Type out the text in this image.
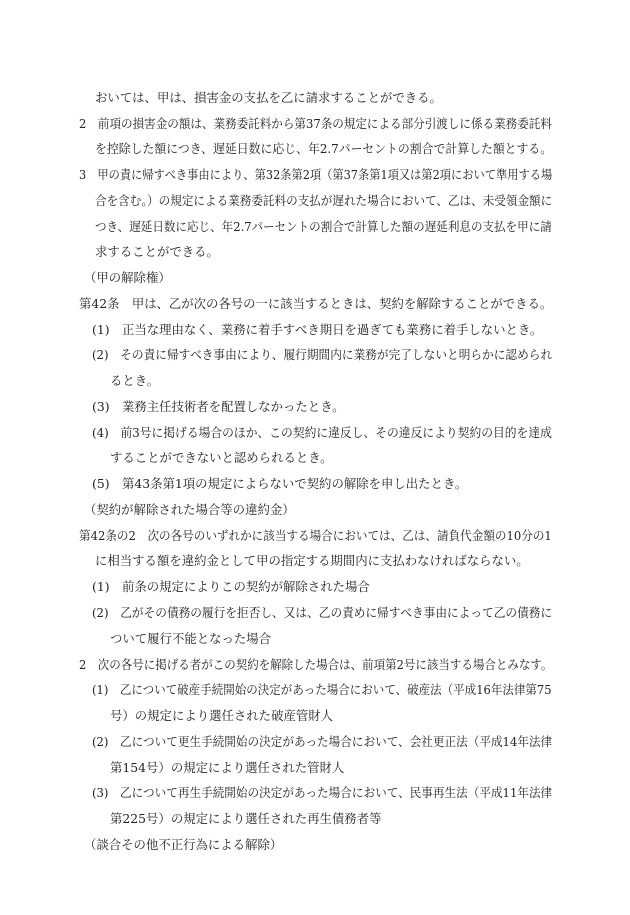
おいては、甲は、損害金の支払を乙に請求することができる。
2　前項の損害金の額は、業務委託料から第37条の規定による部分引渡しに係る業務委託料
を控除した額につき、遅延日数に応じ、年2.7パーセントの割合で計算した額とする。
3　甲の責に帰すべき事由により、第32条第2項（第37条第1項又は第2項において準用する場
合を含む。）の規定による業務委託料の支払が遅れた場合において、乙は、未受領金額に
つき、遅延日数に応じ、年2.7パーセントの割合で計算した額の遅延利息の支払を甲に請
求することができる。
（甲の解除権）
第42条　甲は、乙が次の各号の一に該当するときは、契約を解除することができる。
(1)　正当な理由なく、業務に着手すべき期日を過ぎても業務に着手しないとき。
(2)　その責に帰すべき事由により、履行期間内に業務が完了しないと明らかに認められ
るとき。
(3)　業務主任技術者を配置しなかったとき。
(4)　前3号に掲げる場合のほか、この契約に違反し、その違反により契約の目的を達成
することができないと認められるとき。
(5)　第43条第1項の規定によらないで契約の解除を申し出たとき。
（契約が解除された場合等の違約金）
第42条の2　次の各号のいずれかに該当する場合においては、乙は、請負代金額の10分の1
に相当する額を違約金として甲の指定する期間内に支払わなければならない。
(1)　前条の規定によりこの契約が解除された場合
(2)　乙がその債務の履行を拒否し、又は、乙の責めに帰すべき事由によって乙の債務に
ついて履行不能となった場合
2　次の各号に掲げる者がこの契約を解除した場合は、前項第2号に該当する場合とみなす。
(1)　乙について破産手続開始の決定があった場合において、破産法（平成16年法律第75
号）の規定により選任された破産管財人
(2)　乙について更生手続開始の決定があった場合において、会社更正法（平成14年法律
第154号）の規定により選任された管財人
(3)　乙について再生手続開始の決定があった場合において、民事再生法（平成11年法律
第225号）の規定により選任された再生債務者等
（談合その他不正行為による解除）
